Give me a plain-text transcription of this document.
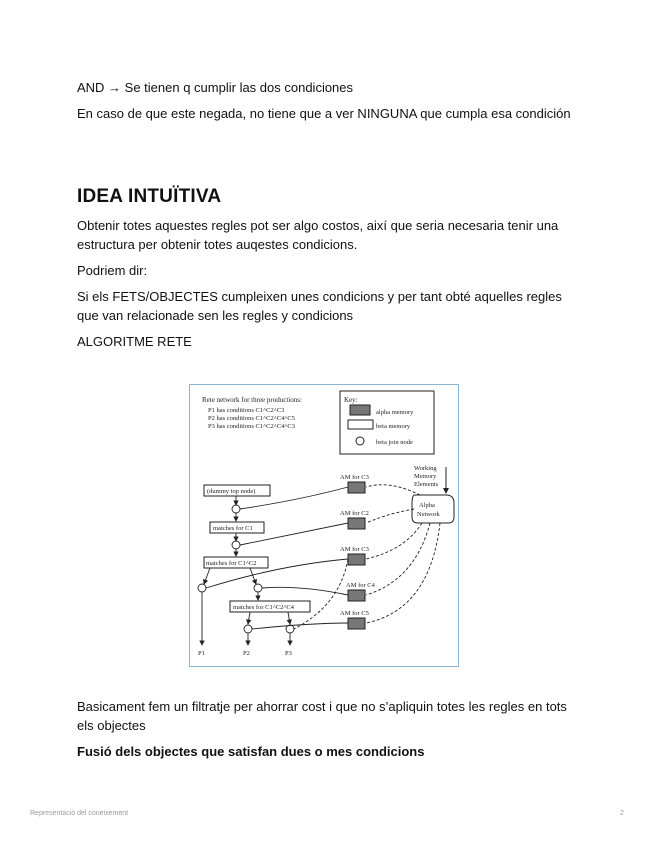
AND → Se tienen q cumplir las dos condiciones

En caso de que este negada, no tiene que a ver NINGUNA que cumpla esa condición

IDEA INTUÏTIVA

Obtenir totes aquestes regles pot ser algo costos, així que seria necesaria tenir una estructura per obtenir totes auqestes condicions.

Podriem dir:

Si els FETS/OBJECTES cumpleixen unes condicions y per tant obté aquelles regles que van relacionade sen les regles y condicions

ALGORITME RETE

Basicament fem un filtratje per ahorrar cost i que no s’apliquin totes les regles en tots els objectes

Fusió dels objectes que satisfan dues o mes condicions

Rete network for three productions:
P1 has conditions C1^C2^C3
P2 has conditions C1^C2^C4^C5
P3 has conditions C1^C2^C4^C3
Key:
alpha memory
beta memory
beta join node
Working
Memory
Elements
Alpha
Network
AM for C3
AM for C2
AM for C3
AM for C4
AM for C5
(dummy top node)
matches for C1
matches for C1^C2
matches for C1^C2^C4
P1	P2	P3
Representació del coneixement	2
